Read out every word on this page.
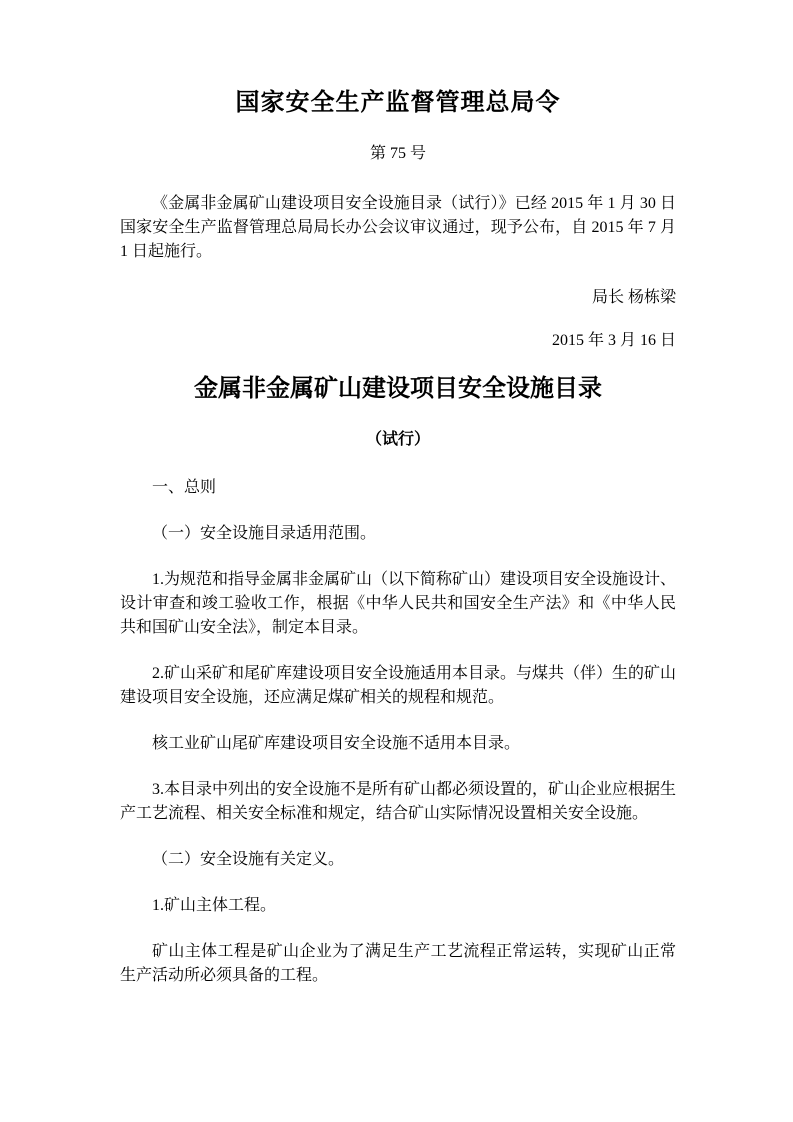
国家安全生产监督管理总局令

第 75 号

《金属非金属矿山建设项目安全设施目录（试行）》已经 2015 年 1 月 30 日国家安全生产监督管理总局局长办公会议审议通过，现予公布，自 2015 年 7 月 1 日起施行。

局长 杨栋梁

2015 年 3 月 16 日

金属非金属矿山建设项目安全设施目录

（试行）

一、总则

（一）安全设施目录适用范围。

1.为规范和指导金属非金属矿山（以下简称矿山）建设项目安全设施设计、设计审查和竣工验收工作，根据《中华人民共和国安全生产法》和《中华人民共和国矿山安全法》，制定本目录。

2.矿山采矿和尾矿库建设项目安全设施适用本目录。与煤共（伴）生的矿山建设项目安全设施，还应满足煤矿相关的规程和规范。

核工业矿山尾矿库建设项目安全设施不适用本目录。

3.本目录中列出的安全设施不是所有矿山都必须设置的，矿山企业应根据生产工艺流程、相关安全标准和规定，结合矿山实际情况设置相关安全设施。

（二）安全设施有关定义。

1.矿山主体工程。

矿山主体工程是矿山企业为了满足生产工艺流程正常运转，实现矿山正常生产活动所必须具备的工程。
